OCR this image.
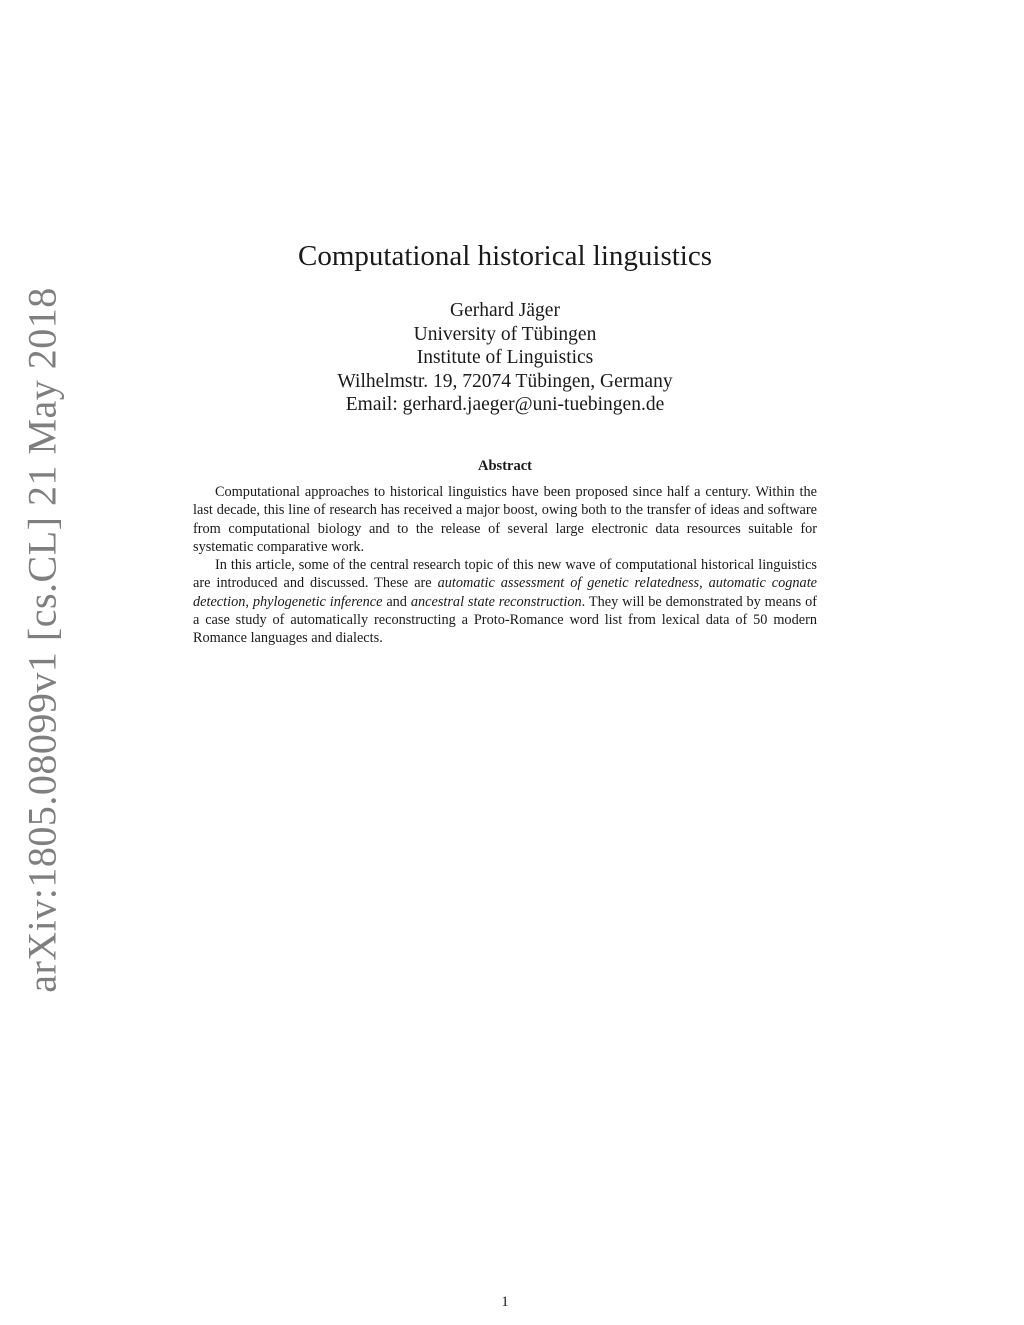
arXiv:1805.08099v1 [cs.CL] 21 May 2018
Computational historical linguistics
Gerhard Jäger
University of Tübingen
Institute of Linguistics
Wilhelmstr. 19, 72074 Tübingen, Germany
Email: gerhard.jaeger@uni-tuebingen.de
Abstract

Computational approaches to historical linguistics have been proposed since half a century. Within the last decade, this line of research has received a major boost, owing both to the transfer of ideas and software from computational biology and to the release of several large electronic data resources suitable for systematic comparative work.

In this article, some of the central research topic of this new wave of computational historical linguistics are introduced and discussed. These are automatic assessment of genetic relatedness, automatic cognate detection, phylogenetic inference and ancestral state reconstruction. They will be demonstrated by means of a case study of automatically reconstructing a Proto-Romance word list from lexical data of 50 modern Romance languages and dialects.

1
